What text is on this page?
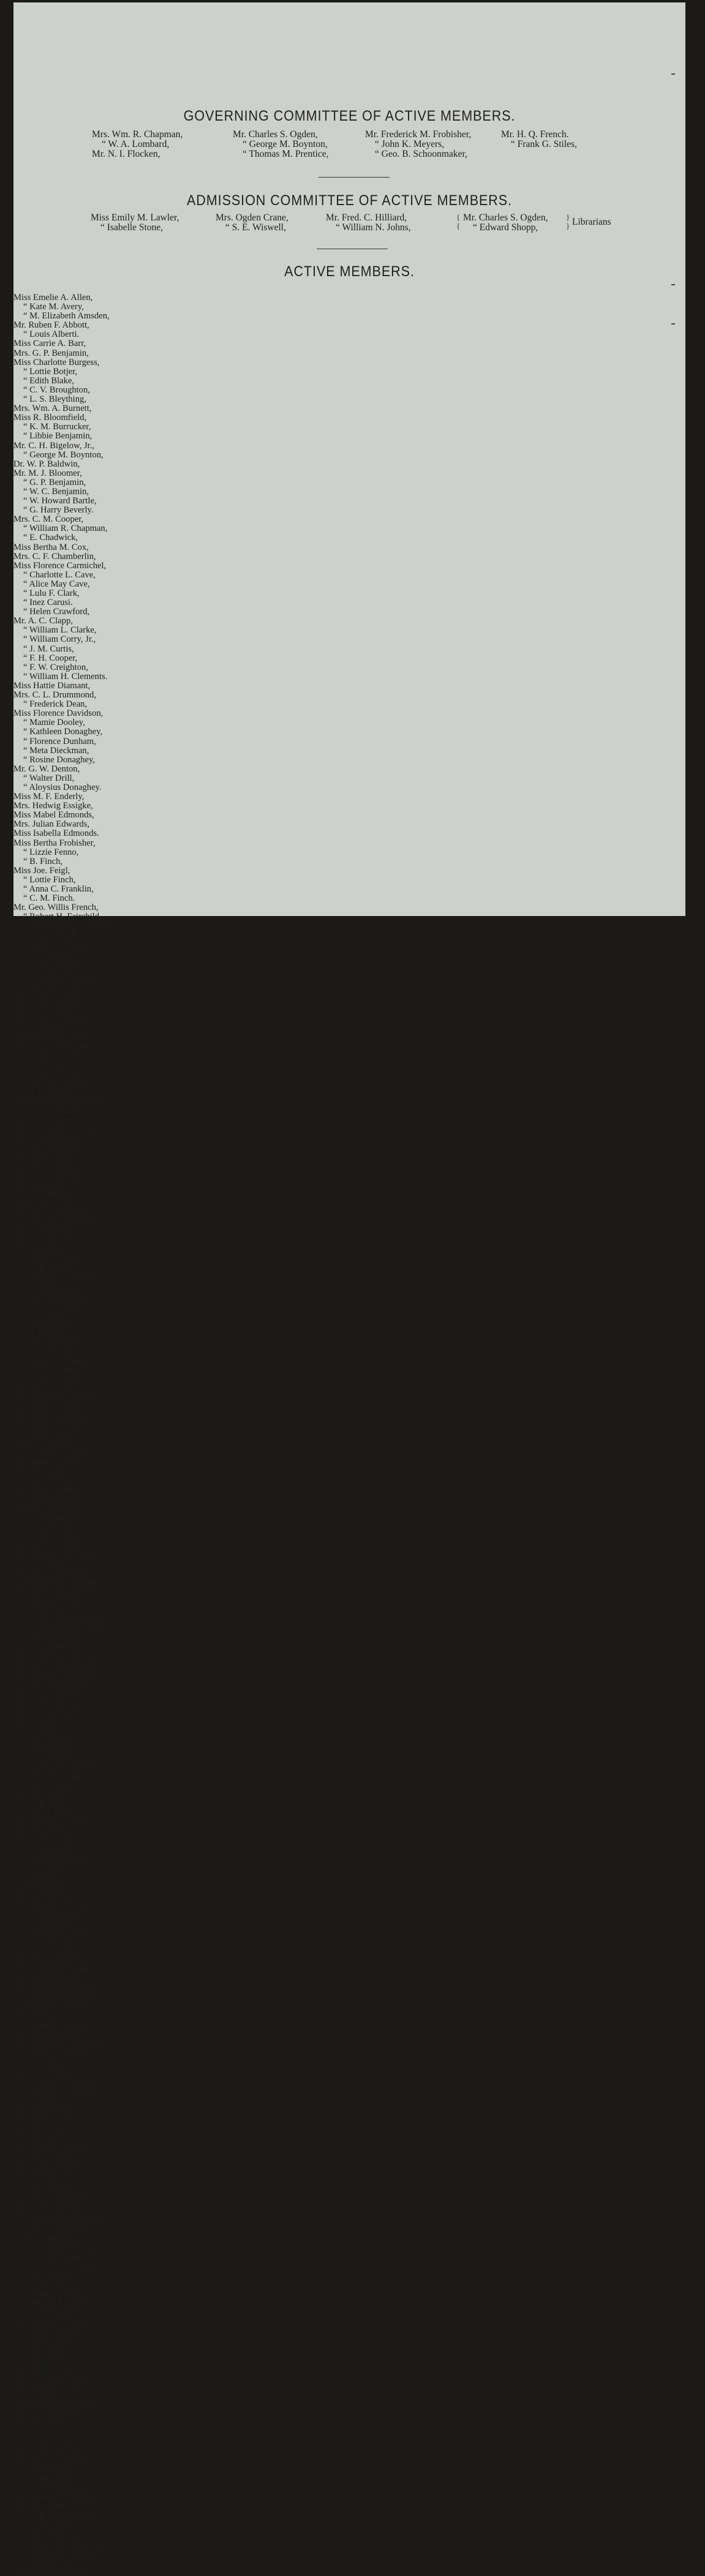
GOVERNING COMMITTEE OF ACTIVE MEMBERS.
Mrs. Wm. R. Chapman,
“ W. A. Lombard,
Mr. N. I. Flocken,
Mr. Charles S. Ogden,
“ George M. Boynton,
“ Thomas M. Prentice,
Mr. Frederick M. Frobisher,
“ John K. Meyers,
“ Geo. B. Schoonmaker,
Mr. H. Q. French.
“ Frank G. Stiles,
ADMISSION COMMITTEE OF ACTIVE MEMBERS.
Miss Emily M. Lawler,
“ Isabelle Stone,
Mrs. Ogden Crane,
“ S. E. Wiswell,
Mr. Fred. C. Hilliard,
“ William N. Johns,
Mr. Charles S. Ogden,
“ Edward Shopp,
{
{
}
} Librarians
ACTIVE MEMBERS.
Miss Emelie A. Allen,
“ Kate M. Avery,
“ M. Elizabeth Amsden,
Mr. Ruben F. Abbott,
“ Louis Alberti.
Miss Carrie A. Barr,
Mrs. G. P. Benjamin,
Miss Charlotte Burgess,
“ Lottie Botjer,
“ Edith Blake,
“ C. V. Broughton,
“ L. S. Bleything,
Mrs. Wm. A. Burnett,
Miss R. Bloomfield,
“ K. M. Burrucker,
“ Libbie Benjamin,
Mr. C. H. Bigelow, Jr.,
“ George M. Boynton,
Dr. W. P. Baldwin,
Mr. M. J. Bloomer,
“ G. P. Benjamin,
“ W. C. Benjamin,
“ W. Howard Bartle,
“ G. Harry Beverly.
Mrs. C. M. Cooper,
“ William R. Chapman,
“ E. Chadwick,
Miss Bertha M. Cox,
Mrs. C. F. Chamberlin,
Miss Florence Carmichel,
“ Charlotte L. Cave,
“ Alice May Cave,
“ Lulu F. Clark,
“ Inez Carusi.
“ Helen Crawford,
Mr. A. C. Clapp,
“ William L. Clarke,
“ William Corry, Jr.,
“ J. M. Curtis,
“ F. H. Cooper,
“ F. W. Creighton,
“ William H. Clements.
Miss Hattie Diamant,
Mrs. C. L. Drummond,
“ Frederick Dean,
Miss Florence Davidson,
“ Mamie Dooley,
“ Kathleen Donaghey,
“ Florence Dunham,
“ Meta Dieckman,
“ Rosine Donaghey,
Mr. G. W. Denton,
“ Walter Drill,
“ Aloysius Donaghey.
Miss M. F. Enderly,
Mrs. Hedwig Essigke,
Miss Mabel Edmonds,
Mrs. Julian Edwards,
Miss Isabella Edmonds.
Miss Bertha Frobisher,
“ Lizzie Fenno,
“ B. Finch,
Miss Joe. Feigl,
“ Lottie Finch,
“ Anna C. Franklin,
“ C. M. Finch.
Mr. Geo. Willis French,
“ Robert H. Fairchild,
“ Frederick M. Frobisher
“ H. Q. French,
“ Harry H. Foster,
“ N. I. Flocken,
“ O. M. Farrand,
“ B. L. Fenner,
“ George A. Fleming,
“ John M. Fulton,
Miss L. F. Gardner,
Mrs. C. D. Gibson,
Miss Alma Garrigue,
“ R. Gumper,
Mrs. Charles Griffin,
Mr. M. J. Goldsmith,
“ G. W. Gillman,
“ S. R. Gaines,
“ B. W. Gridley,
“ Geo. E. Gartland,
“ J. H. Griffith.
Miss Jennie Hodgkinson,
“ C. E. Hollister,
Mrs. Kate Hallen,
Miss Anna Babetta Huss,
Mrs. Carrie Hawes,
“ H. G. Hanchett,
Miss Ida L. Hill,
“ Mary S. Hart,
Mrs. F. C. Hilliard,
Miss Belle Hill,
“ H. J. Hollis,
Mrs. C. H. Henley,
Miss A. C. Holbrook,
“ Jessamine Hallenbeck,
Mr. C. R. Hardy,
Mr. Wm. Heydt,
“ Wm. Horst,
“ John W. Howe,
“ T. R. Horley,
“ George A. Holden,
“ Frank J. Haggart,
“ George Hughes,
“ Fred C. Hilliard,
“ J. F. Harris, Jr.,
“ Victor Harris,
“ J. Hamlet,
“ Geo. M. Hayner,
“ A. C. Honey.
Miss Hattie S. Inglis.
“ W. O. Johnson,
“ Emily Jerman,
Mrs. A. A. Judd,
Miss Marie M. Johnson,
“ Freda E. Jebb,
Mr. Festus A. Johnson,
“ Walter H. Jones, M. D.
“ W. H. Johns,
Mr. B. F. Judson, Jr.,
“ Charles S. Jardine,
Mrs. John H. Koch,
Miss Marie H. King,
“ M. Kohler.
Mr. Alfred Kiddle,
“ Thomas Kane.
Miss Ella Liebenau,
“ Julia Loughlin,
“ L. F. Lithgow,
“ Emily M. Lawler,
Mrs. W. R. Laidlaw,
Miss Theodora J. Lane,
“ L. A. Long,
Mrs. W. A. Lombard,
Dr. Franklin D. Lawson,
Mr. M. S. Littlefield, J.,
“ Robert C. Lewis,
“ H. W. Linson,
“ C. W. Langenbacher,
“ Egbert R. Leaycraft.
“ H. B. Lawrence.
“ Carl Levinsen,
Miss Geraldine Moak,
Mrs. F. V. Marckwald,
Miss Teresa McKnight,
“ Sara E. Morrison,
Mrs. C. D. McLean,
Miss F. A. Myers,
Mrs. Arthur Michel,
Mr. Joseph E. Meiers,
“ Fred Muller,
“ Geo. Muller, Jr.,
“ John Muller,
Dr. A. C. Mercer,
“ Edmund E. Minner,
Mr. H. L. Montague,
“ J. K. Myers.
Miss M. Nolan,
“ L. F. Neale,
“ Ella J. Neil.
Mr. Charles S. Ogden.
Miss A. M. Pentz,
“ E. F. Peyton,
“ Edith Parker,
“ Amanda Pfeiffer,
“ L. F. Potter,
“ M. Pope,
“ Minnie Price,
Mr. F. W. Potter,
“ Clarence E. Pease,
“ T. M. Prentice,
“ H. B. Phinney,
“ George H. Phelps,
“ H. C. Perley.
Mr. John Roberts,
Miss Margaret Riley,
“ Fredericka Radle,
Mrs. W. F. Reeves,
Miss Mamie Robertson,
“ Maude Roudebush,
Mr. Charles L. Roos,
Mr. W. F. Reeves,
“ Elmer E. Runyon,
Dr. Fred M. Ranney,
Mr. Edmund D. Raymond
“ Henry A. Russell.
“ J. C. Read,
Mr. J. St. Piere,
“ Edward R. Shopp,
“ Warren L. Salmon,
“ G. B. Sanders,
Miss Sarah Silver,
Mrs. Marie Smith,
Miss Marie Sinnott,
“ Ella Smith,
Miss Martha Sinnott,
“ M. C. Smith,
Mrs. C. H. Stevens,
Miss Isabella Stone,
“ Ella Signa,
“ Etta Springhorn,
Mrs. F. B. Scudder,
Miss C. R. Symley,
“ Elizabeth Stackpole,
“ M. F. Stackpole,
Dr. P. A. Shannon,
Mr. Wm. Louis Sontag, Jr.
“ T. A. Stoddard,
“ Geo. E. Schoonmaker,
“ H. F. Savage,
“ W. D. Sands,
“ Frank C. Stiles,
“ John F. F. Smock,
“ W. J. Sheehan.
Miss Elenor J. Tyner,
“ Nellie Thomas,
“ Grace Teets,
“ Ida Totten,
“ Amy Theisz,
Mrs. Annie C. Tolman,
Miss Blanche Trevey,
Mr. Louis E. Turk,
“ H. Trost.
Miss Mildred Tugwell.
Mr. J. H. VanArdale.
Miss Henrietta Witschen,
“ C. C. Williams,
“ E. B. Wright,
Mrs. S. E. Wiswall,
Miss Emily J. Veston,
“ Julia Waldron,
“ C. M. Westover,
“ K. E. Williams,
Mrs. Marion H. Wilcox,
Mr. Wm. Wall,
“ A. E. Waterhouse,
“ C. D. Wyman,
“ Wm. Willock,
“ Charles W. Wilder,
“ Charles H. Wilmarth,
“ Charles Watt.
Miss Jessie Younger.
